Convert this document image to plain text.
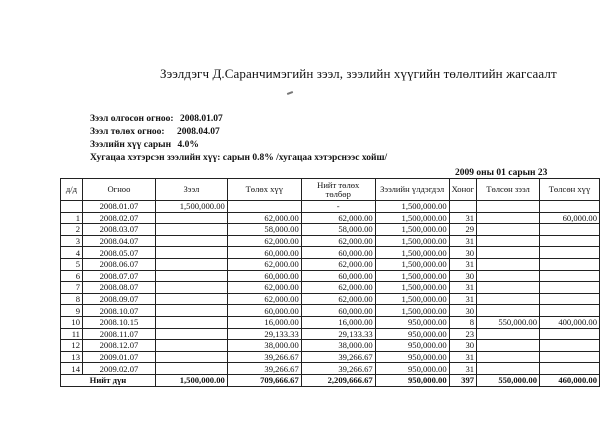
Зээлдэгч Д.Саранчимэгийн зээл, зээлийн хүүгийн төлөлтийн жагсаалт
Зээл олгосон огноо: 2008.01.07
Зээл төлөх огноо: 2008.04.07
Зээлийн хүү сарын 4.0%
Хугацаа хэтэрсэн зээлийн хүү: сарын 0.8% /хугацаа хэтэрснээс хойш/
2009 оны 01 сарын 23
д/д	Огноо	Зээл	Төлөх хүү	Нийт төлөх төлбөр	Зээлийн үлдэгдэл	Хоног	Төлсөн зээл	Төлсөн хүү
	2008.01.07	1,500,000.00		-	1,500,000.00			
1	2008.02.07		62,000.00	62,000.00	1,500,000.00	31		60,000.00
2	2008.03.07		58,000.00	58,000.00	1,500,000.00	29		
3	2008.04.07		62,000.00	62,000.00	1,500,000.00	31		
4	2008.05.07		60,000.00	60,000.00	1,500,000.00	30		
5	2008.06.07		62,000.00	62,000.00	1,500,000.00	31		
6	2008.07.07		60,000.00	60,000.00	1,500,000.00	30		
7	2008.08.07		62,000.00	62,000.00	1,500,000.00	31		
8	2008.09.07		62,000.00	62,000.00	1,500,000.00	31		
9	2008.10.07		60,000.00	60,000.00	1,500,000.00	30		
10	2008.10.15		16,000.00	16,000.00	950,000.00	8	550,000.00	400,000.00
11	2008.11.07		29,133.33	29,133.33	950,000.00	23		
12	2008.12.07		38,000.00	38,000.00	950,000.00	30		
13	2009.01.07		39,266.67	39,266.67	950,000.00	31		
14	2009.02.07		39,266.67	39,266.67	950,000.00	31		
Нийт дүн		1,500,000.00	709,666.67	2,209,666.67	950,000.00	397	550,000.00	460,000.00
